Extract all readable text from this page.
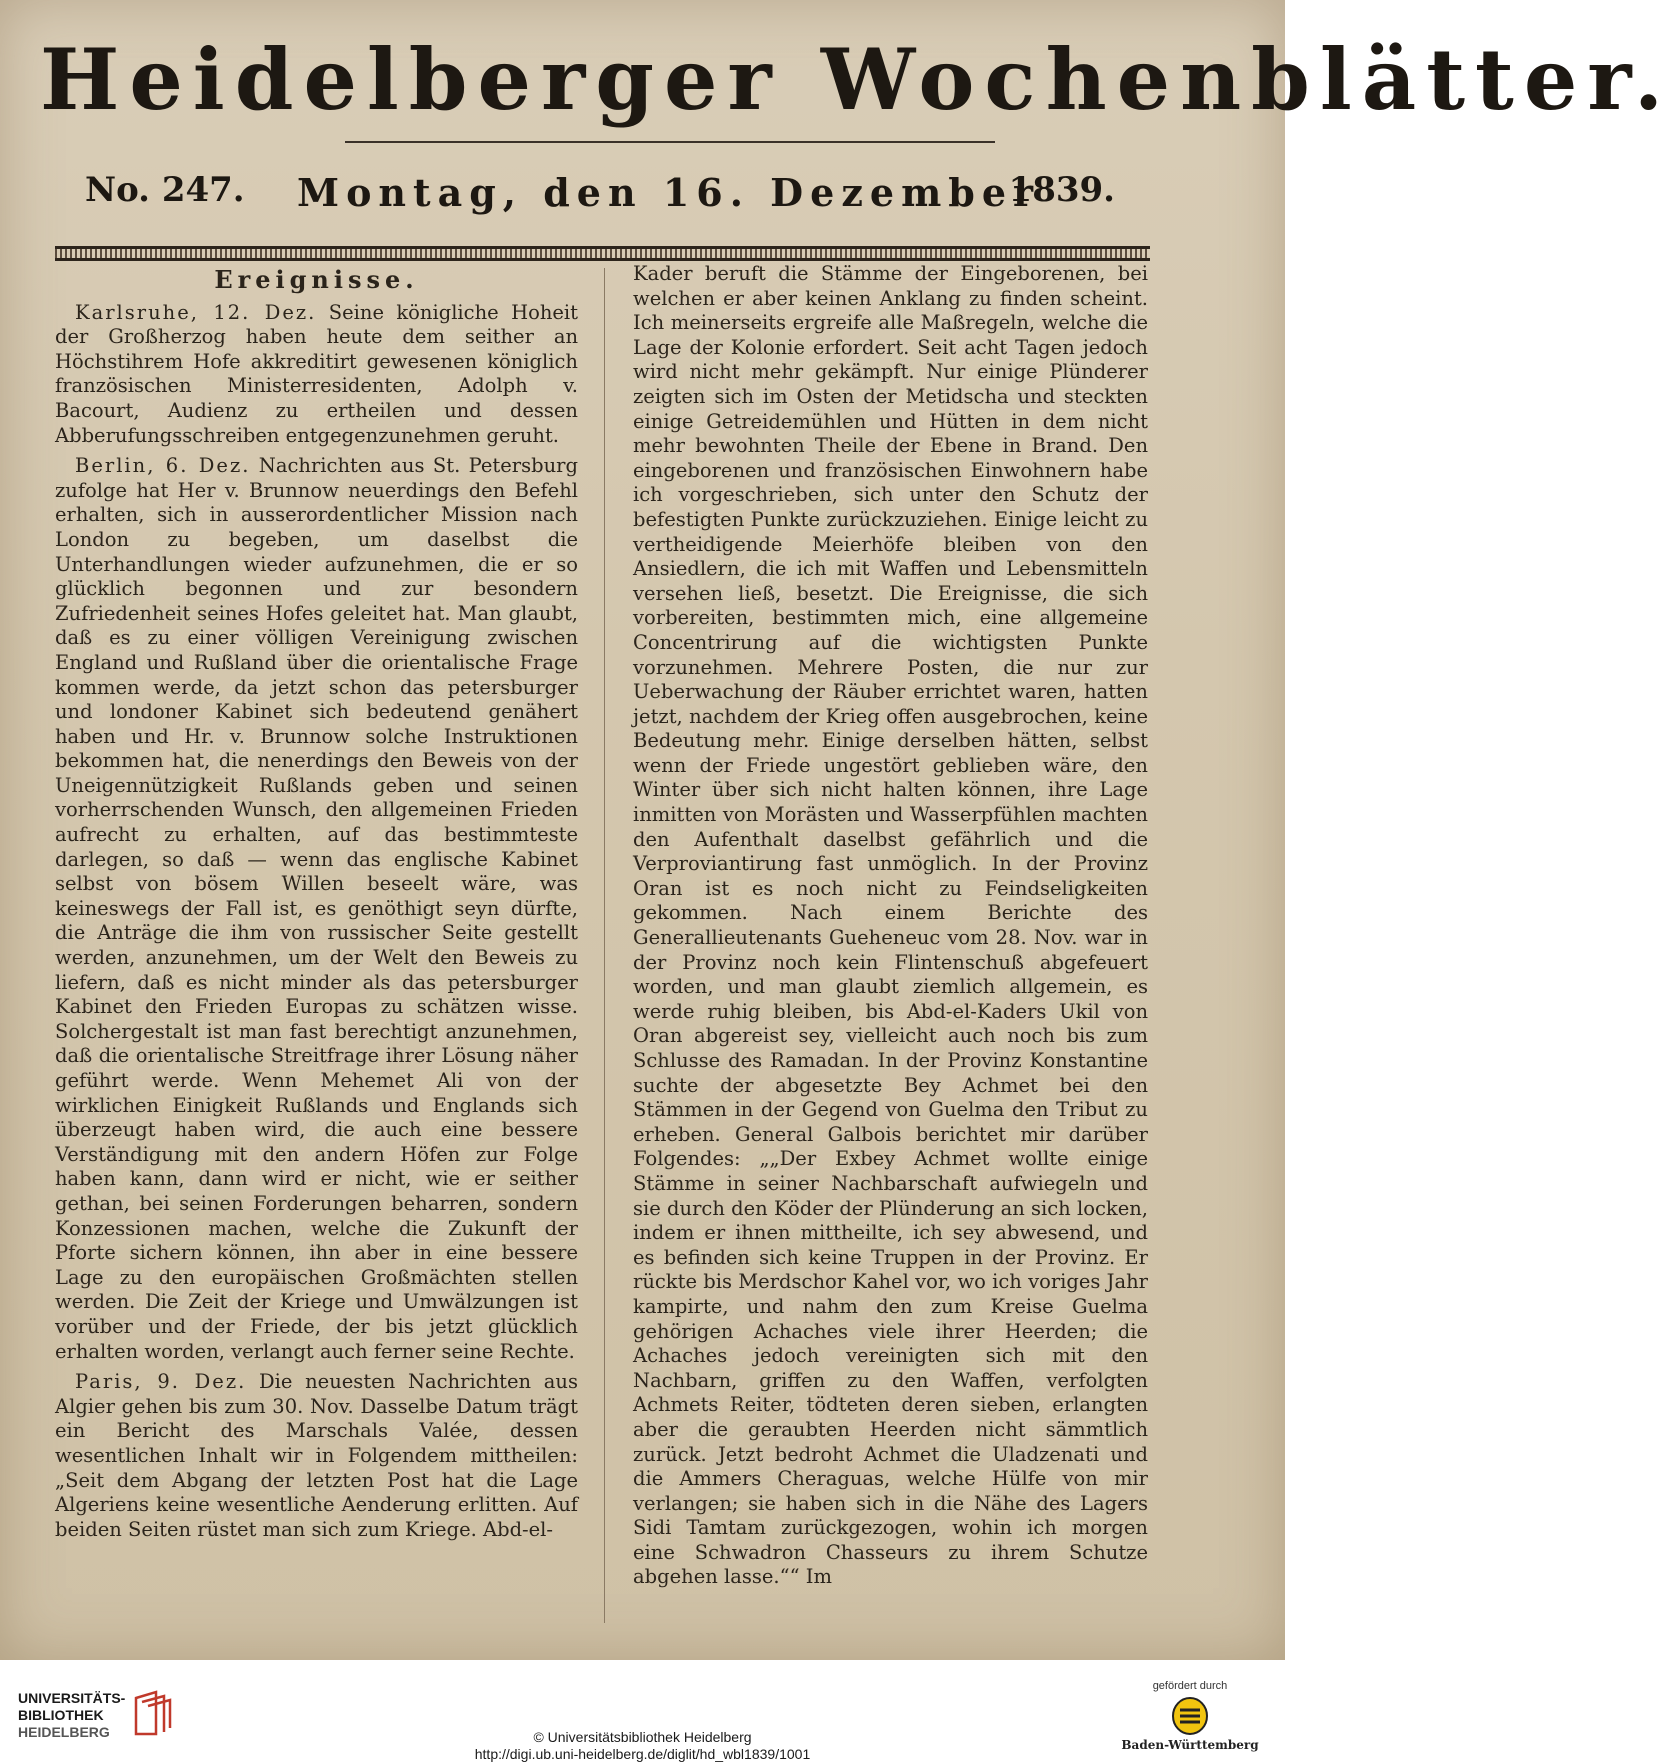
Heidelberger Wochenblätter.
No. 247. Montag, den 16. Dezember
1839.
Ereignisse.

Karlsruhe, 12. Dez. Seine königliche Hoheit der Großherzog haben heute dem seither an Höchstihrem Hofe akkreditirt gewesenen königlich französischen Ministerresidenten, Adolph v. Bacourt, Audienz zu ertheilen und dessen Abberufungsschreiben entgegenzunehmen geruht.

Berlin, 6. Dez. Nachrichten aus St. Petersburg zufolge hat Her v. Brunnow neuerdings den Befehl erhalten, sich in ausserordentlicher Mission nach London zu begeben, um daselbst die Unterhandlungen wieder aufzunehmen, die er so glücklich begonnen und zur besondern Zufriedenheit seines Hofes geleitet hat. Man glaubt, daß es zu einer völligen Vereinigung zwischen England und Rußland über die orientalische Frage kommen werde, da jetzt schon das petersburger und londoner Kabinet sich bedeutend genähert haben und Hr. v. Brunnow solche Instruktionen bekommen hat, die nenerdings den Beweis von der Uneigennützigkeit Rußlands geben und seinen vorherrschenden Wunsch, den allgemeinen Frieden aufrecht zu erhalten, auf das bestimmteste darlegen, so daß — wenn das englische Kabinet selbst von bösem Willen beseelt wäre, was keineswegs der Fall ist, es genöthigt seyn dürfte, die Anträge die ihm von russischer Seite gestellt werden, anzunehmen, um der Welt den Beweis zu liefern, daß es nicht minder als das petersburger Kabinet den Frieden Europas zu schätzen wisse. Solchergestalt ist man fast berechtigt anzunehmen, daß die orientalische Streitfrage ihrer Lösung näher geführt werde. Wenn Mehemet Ali von der wirklichen Einigkeit Rußlands und Englands sich überzeugt haben wird, die auch eine bessere Verständigung mit den andern Höfen zur Folge haben kann, dann wird er nicht, wie er seither gethan, bei seinen Forderungen beharren, sondern Konzessionen machen, welche die Zukunft der Pforte sichern können, ihn aber in eine bessere Lage zu den europäischen Großmächten stellen werden. Die Zeit der Kriege und Umwälzungen ist vorüber und der Friede, der bis jetzt glücklich erhalten worden, verlangt auch ferner seine Rechte.

Paris, 9. Dez. Die neuesten Nachrichten aus Algier gehen bis zum 30. Nov. Dasselbe Datum trägt ein Bericht des Marschals Valée, dessen wesentlichen Inhalt wir in Folgendem mittheilen: „Seit dem Abgang der letzten Post hat die Lage Algeriens keine wesentliche Aenderung erlitten. Auf beiden Seiten rüstet man sich zum Kriege. Abd-el-

Kader beruft die Stämme der Eingeborenen, bei welchen er aber keinen Anklang zu finden scheint. Ich meinerseits ergreife alle Maßregeln, welche die Lage der Kolonie erfordert. Seit acht Tagen jedoch wird nicht mehr gekämpft. Nur einige Plünderer zeigten sich im Osten der Metidscha und steckten einige Getreidemühlen und Hütten in dem nicht mehr bewohnten Theile der Ebene in Brand. Den eingeborenen und französischen Einwohnern habe ich vorgeschrieben, sich unter den Schutz der befestigten Punkte zurückzuziehen. Einige leicht zu vertheidigende Meierhöfe bleiben von den Ansiedlern, die ich mit Waffen und Lebensmitteln versehen ließ, besetzt. Die Ereignisse, die sich vorbereiten, bestimmten mich, eine allgemeine Concentrirung auf die wichtigsten Punkte vorzunehmen. Mehrere Posten, die nur zur Ueberwachung der Räuber errichtet waren, hatten jetzt, nachdem der Krieg offen ausgebrochen, keine Bedeutung mehr. Einige derselben hätten, selbst wenn der Friede ungestört geblieben wäre, den Winter über sich nicht halten können, ihre Lage inmitten von Morästen und Wasserpfühlen machten den Aufenthalt daselbst gefährlich und die Verproviantirung fast unmöglich. In der Provinz Oran ist es noch nicht zu Feindseligkeiten gekommen. Nach einem Berichte des Generallieutenants Gueheneuc vom 28. Nov. war in der Provinz noch kein Flintenschuß abgefeuert worden, und man glaubt ziemlich allgemein, es werde ruhig bleiben, bis Abd-el-Kaders Ukil von Oran abgereist sey, vielleicht auch noch bis zum Schlusse des Ramadan. In der Provinz Konstantine suchte der abgesetzte Bey Achmet bei den Stämmen in der Gegend von Guelma den Tribut zu erheben. General Galbois berichtet mir darüber Folgendes: „„Der Exbey Achmet wollte einige Stämme in seiner Nachbarschaft aufwiegeln und sie durch den Köder der Plünderung an sich locken, indem er ihnen mittheilte, ich sey abwesend, und es befinden sich keine Truppen in der Provinz. Er rückte bis Merdschor Kahel vor, wo ich voriges Jahr kampirte, und nahm den zum Kreise Guelma gehörigen Achaches viele ihrer Heerden; die Achaches jedoch vereinigten sich mit den Nachbarn, griffen zu den Waffen, verfolgten Achmets Reiter, tödteten deren sieben, erlangten aber die geraubten Heerden nicht sämmtlich zurück. Jetzt bedroht Achmet die Uladzenati und die Ammers Cheraguas, welche Hülfe von mir verlangen; sie haben sich in die Nähe des Lagers Sidi Tamtam zurückgezogen, wohin ich morgen eine Schwadron Chasseurs zu ihrem Schutze abgehen lasse.““ Im

UNIVERSITÄTS-
BIBLIOTHEK
HEIDELBERG	© Universitätsbibliothek Heidelberg
http://digi.ub.uni-heidelberg.de/diglit/hd_wbl1839/1001
gefördert durch
Baden-Württemberg
